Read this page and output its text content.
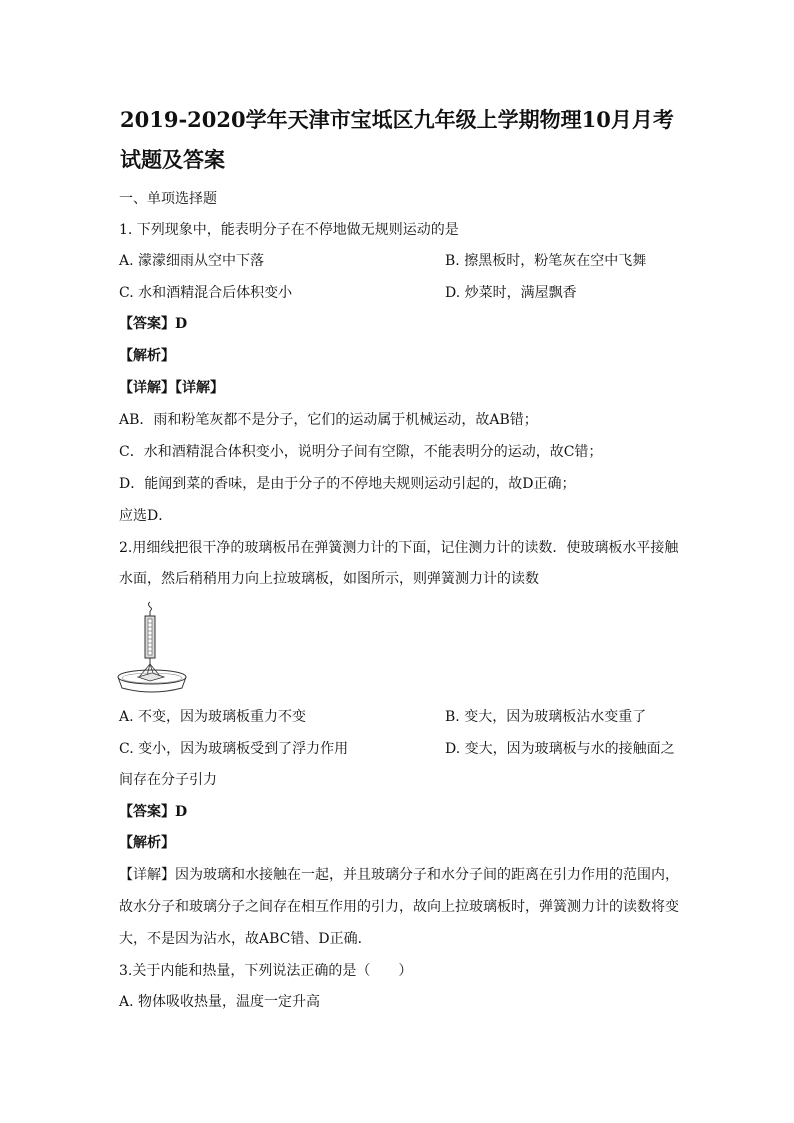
2019-2020学年天津市宝坻区九年级上学期物理10月月考
试题及答案
一、单项选择题
1. 下列现象中，能表明分子在不停地做无规则运动的是
A. 濛濛细雨从空中下落	B. 擦黑板时，粉笔灰在空中飞舞
C. 水和酒精混合后体积变小	D. 炒菜时，满屋飘香
【答案】D
【解析】
【详解】【详解】
AB．雨和粉笔灰都不是分子，它们的运动属于机械运动，故AB错；
C．水和酒精混合体积变小，说明分子间有空隙，不能表明分的运动，故C错；
D．能闻到菜的香味，是由于分子的不停地夫规则运动引起的，故D正确；
应选D．
2.用细线把很干净的玻璃板吊在弹簧测力计的下面，记住测力计的读数．使玻璃板水平接触
水面，然后稍稍用力向上拉玻璃板，如图所示，则弹簧测力计的读数
A. 不变，因为玻璃板重力不变	B. 变大，因为玻璃板沾水变重了
C. 变小，因为玻璃板受到了浮力作用	D. 变大，因为玻璃板与水的接触面之
间存在分子引力
【答案】D
【解析】
【详解】因为玻璃和水接触在一起，并且玻璃分子和水分子间的距离在引力作用的范围内，
故水分子和玻璃分子之间存在相互作用的引力，故向上拉玻璃板时，弹簧测力计的读数将变
大，不是因为沾水，故ABC错、D正确．
3.关于内能和热量，下列说法正确的是（　　）
A. 物体吸收热量，温度一定升高
